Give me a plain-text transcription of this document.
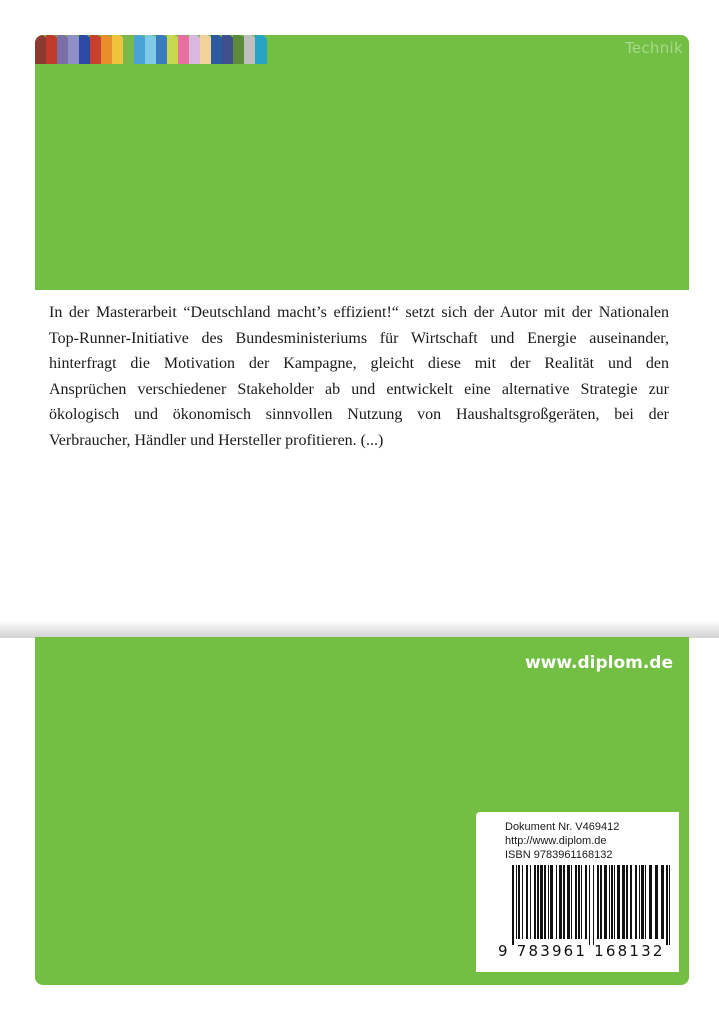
Technik

In der Masterarbeit “Deutschland macht’s effizient!“ setzt sich der Autor mit der Nationalen
Top-Runner-Initiative des Bundesministeriums für Wirtschaft und Energie auseinander,
hinterfragt die Motivation der Kampagne, gleicht diese mit der Realität und den
Ansprüchen verschiedener Stakeholder ab und entwickelt eine alternative Strategie zur
ökologisch und ökonomisch sinnvollen Nutzung von Haushaltsgroßgeräten, bei der
Verbraucher, Händler und Hersteller profitieren. (...)

www.diplom.de
Dokument Nr. V469412
http://www.diplom.de
ISBN 9783961168132
9 783961 168132
